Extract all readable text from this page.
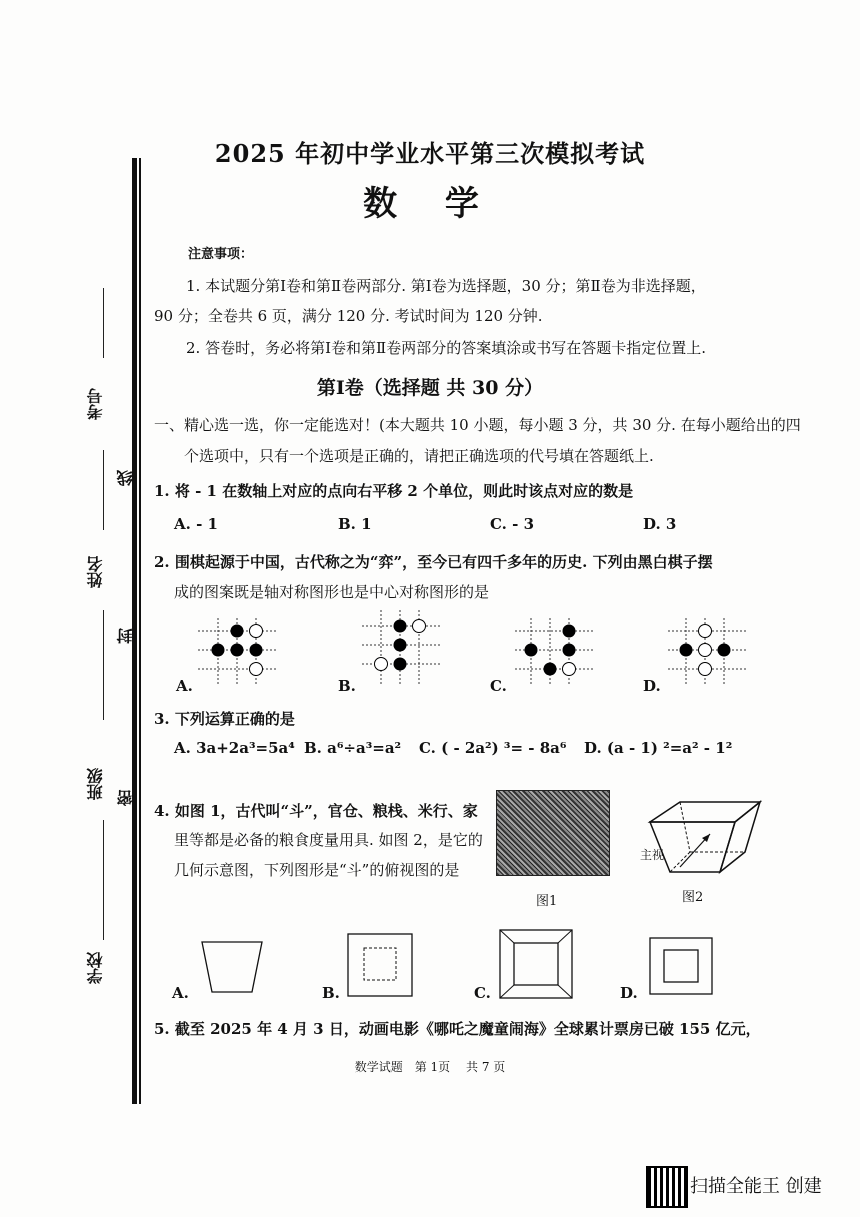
考号
线
姓名
封
班级 密
学校
2025 年初中学业水平第三次模拟考试
数 学
注意事项：
1. 本试题分第Ⅰ卷和第Ⅱ卷两部分. 第Ⅰ卷为选择题，30 分；第Ⅱ卷为非选择题，
90 分；全卷共 6 页，满分 120 分. 考试时间为 120 分钟.
2. 答卷时，务必将第Ⅰ卷和第Ⅱ卷两部分的答案填涂或书写在答题卡指定位置上.
第Ⅰ卷（选择题 共 30 分）
一、精心选一选，你一定能选对！(本大题共 10 小题，每小题 3 分，共 30 分. 在每小题给出的四
个选项中，只有一个选项是正确的，请把正确选项的代号填在答题纸上.
1. 将 - 1 在数轴上对应的点向右平移 2 个单位，则此时该点对应的数是
A. - 1	B. 1	C. - 3	D. 3
2. 围棋起源于中国，古代称之为“弈”，至今已有四千多年的历史. 下列由黑白棋子摆
成的图案既是轴对称图形也是中心对称图形的是
A.	B.	C.	D.
3. 下列运算正确的是
A. 3a+2a³=5a⁴ B. a⁶÷a³=a² C. ( - 2a²) ³= - 8a⁶ D. (a - 1) ²=a² - 1²
4. 如图 1，古代叫“斗”，官仓、粮栈、米行、家
里等都是必备的粮食度量用具. 如图 2，是它的
几何示意图，下列图形是“斗”的俯视图的是
图1
主视
图2
A.	B.	C.	D.
5. 截至 2025 年 4 月 3 日，动画电影《哪吒之魔童闹海》全球累计票房已破 155 亿元，
数学试题　第 1页　 共 7 页
扫描全能王 创建
